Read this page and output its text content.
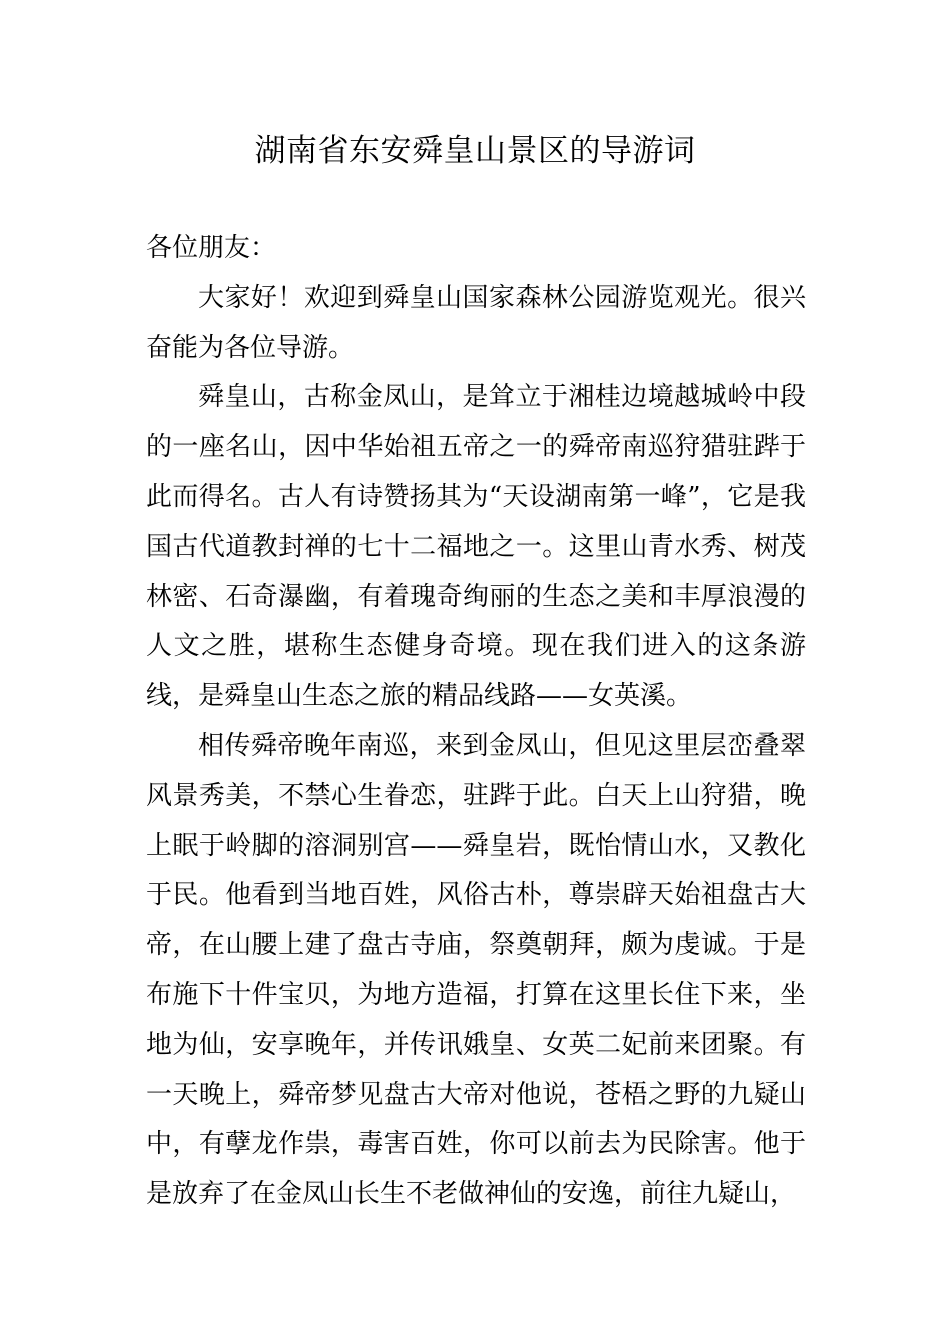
湖南省东安舜皇山景区的导游词

各位朋友：

大家好！欢迎到舜皇山国家森林公园游览观光。很兴奋能为各位导游。

舜皇山，古称金凤山，是耸立于湘桂边境越城岭中段的一座名山，因中华始祖五帝之一的舜帝南巡狩猎驻跸于此而得名。古人有诗赞扬其为“天设湖南第一峰”，它是我国古代道教封禅的七十二福地之一。这里山青水秀、树茂林密、石奇瀑幽，有着瑰奇绚丽的生态之美和丰厚浪漫的人文之胜，堪称生态健身奇境。现在我们进入的这条游线，是舜皇山生态之旅的精品线路——女英溪。

相传舜帝晚年南巡，来到金凤山，但见这里层峦叠翠风景秀美，不禁心生眷恋，驻跸于此。白天上山狩猎，晚上眠于岭脚的溶洞别宫——舜皇岩，既怡情山水，又教化于民。他看到当地百姓，风俗古朴，尊崇辟天始祖盘古大帝，在山腰上建了盘古寺庙，祭奠朝拜，颇为虔诚。于是布施下十件宝贝，为地方造福，打算在这里长住下来，坐地为仙，安享晚年，并传讯娥皇、女英二妃前来团聚。有一天晚上，舜帝梦见盘古大帝对他说，苍梧之野的九疑山中，有孽龙作祟，毒害百姓，你可以前去为民除害。他于是放弃了在金凤山长生不老做神仙的安逸，前往九疑山，
